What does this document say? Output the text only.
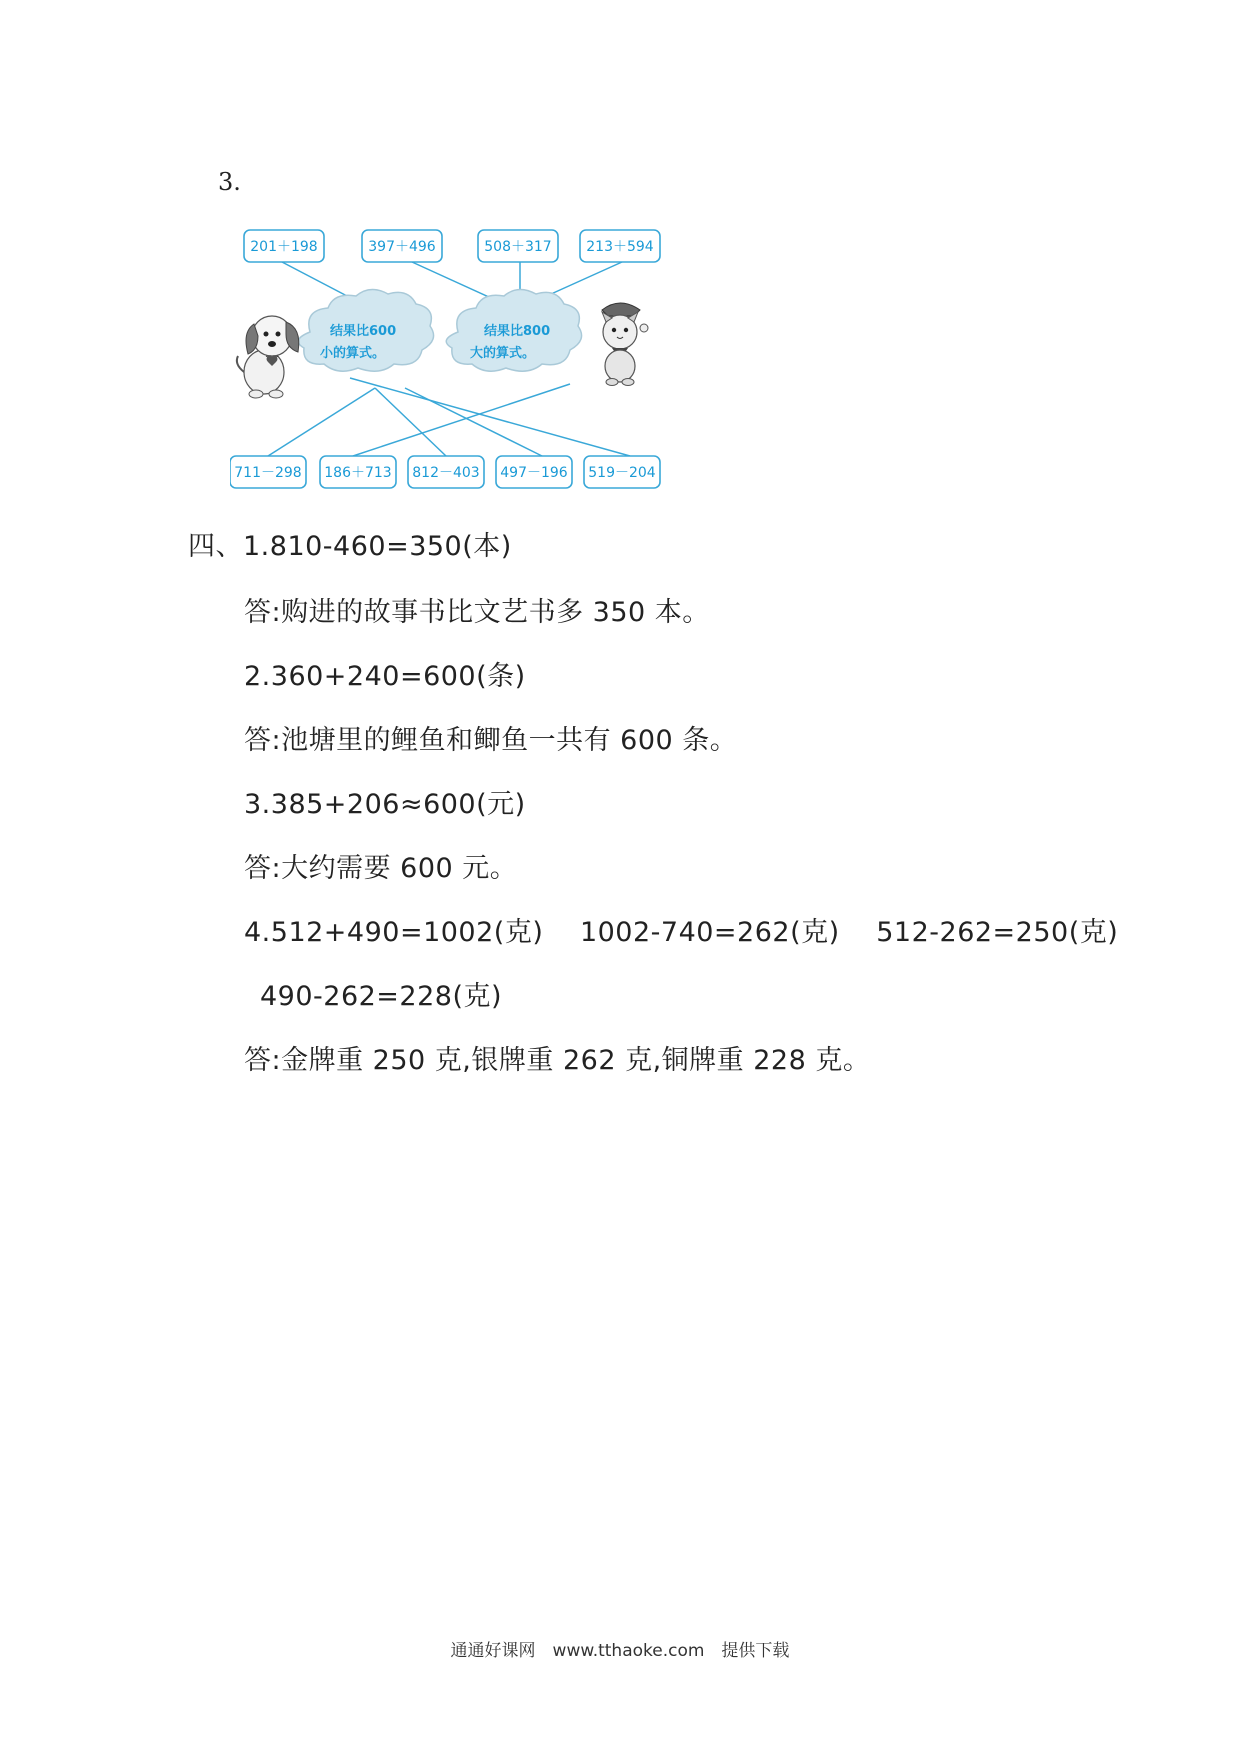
3.
201＋198	397＋496	508＋317 213＋594
711－298 186＋713 812－403 497－196 519－204
结果比600
小的算式。
结果比800
大的算式。
四、1.810-460=350(本)
答:购进的故事书比文艺书多 350 本。
2.360+240=600(条)
答:池塘里的鲤鱼和鲫鱼一共有 600 条。
3.385+206≈600(元)
答:大约需要 600 元。
4.512+490=1002(克)　 1002-740=262(克)　 512-262=250(克)
490-262=228(克)
答:金牌重 250 克,银牌重 262 克,铜牌重 228 克。
通通好课网　www.tthaoke.com　提供下载
